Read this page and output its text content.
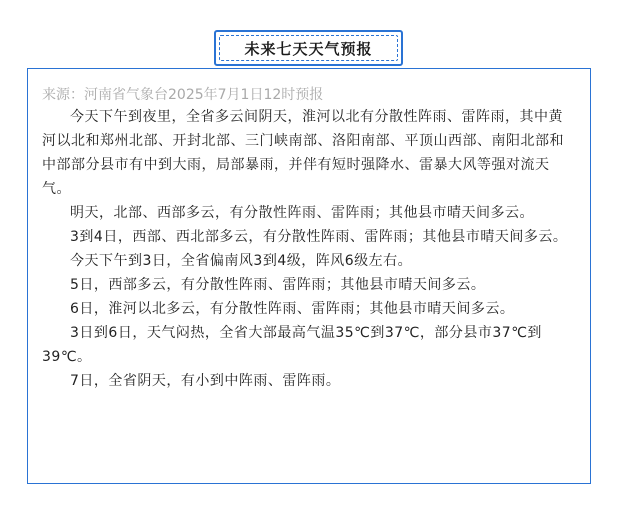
未来七天天气预报
来源：河南省气象台2025年7月1日12时预报

今天下午到夜里，全省多云间阴天，淮河以北有分散性阵雨、雷阵雨，其中黄河以北和郑州北部、开封北部、三门峡南部、洛阳南部、平顶山西部、南阳北部和中部部分县市有中到大雨，局部暴雨，并伴有短时强降水、雷暴大风等强对流天气。

明天，北部、西部多云，有分散性阵雨、雷阵雨；其他县市晴天间多云。

3到4日，西部、西北部多云，有分散性阵雨、雷阵雨；其他县市晴天间多云。

今天下午到3日，全省偏南风3到4级，阵风6级左右。

5日，西部多云，有分散性阵雨、雷阵雨；其他县市晴天间多云。

6日，淮河以北多云，有分散性阵雨、雷阵雨；其他县市晴天间多云。

3日到6日，天气闷热，全省大部最高气温35℃到37℃，部分县市37℃到39℃。

7日，全省阴天，有小到中阵雨、雷阵雨。
